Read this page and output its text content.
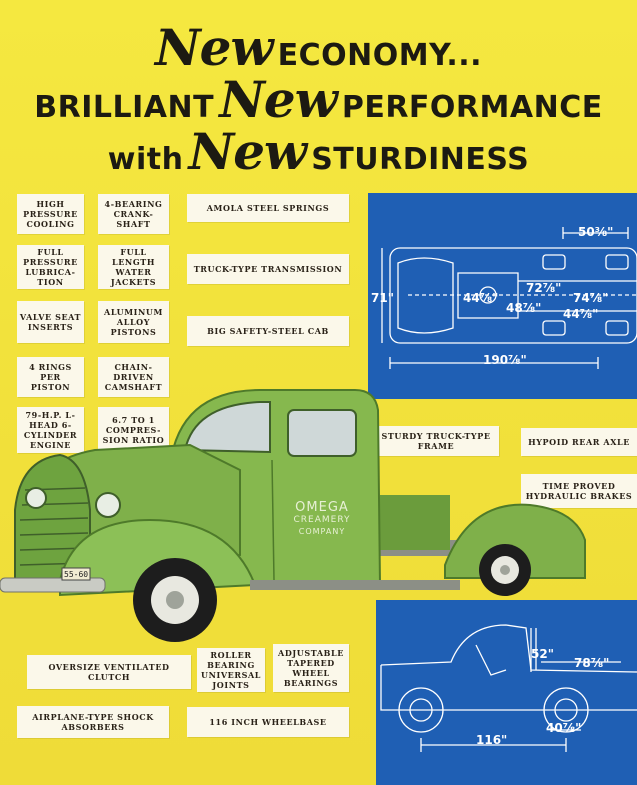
New ECONOMY...
BRILLIANT New PERFORMANCE
with New STURDINESS
HIGH PRESSURE COOLING
4-BEARING CRANK-SHAFT
FULL PRESSURE LUBRICA-TION
FULL LENGTH WATER JACKETS
VALVE SEAT INSERTS
ALUMINUM ALLOY PISTONS
4 RINGS PER PISTON
CHAIN-DRIVEN CAMSHAFT
79-H.P. L-HEAD 6-CYLINDER ENGINE
6.7 TO 1 COMPRES-SION RATIO
AMOLA STEEL SPRINGS
TRUCK-TYPE TRANSMISSION
BIG SAFETY-STEEL CAB
50⅜"
71"	44⅞"
72⅞"
48⅞"
74⅞"
44⅞"
190⅞"
STURDY TRUCK-TYPE FRAME	HYPOID REAR AXLE
TIME PROVED HYDRAULIC BRAKES
OMEGA
CREAMERY
COMPANY
55-60
52"
78⅞"
116"
40⅞"
OVERSIZE VENTILATED CLUTCH
ROLLER BEARING UNIVERSAL JOINTS
ADJUSTABLE TAPERED WHEEL BEARINGS
AIRPLANE-TYPE SHOCK ABSORBERS	116 INCH WHEELBASE
